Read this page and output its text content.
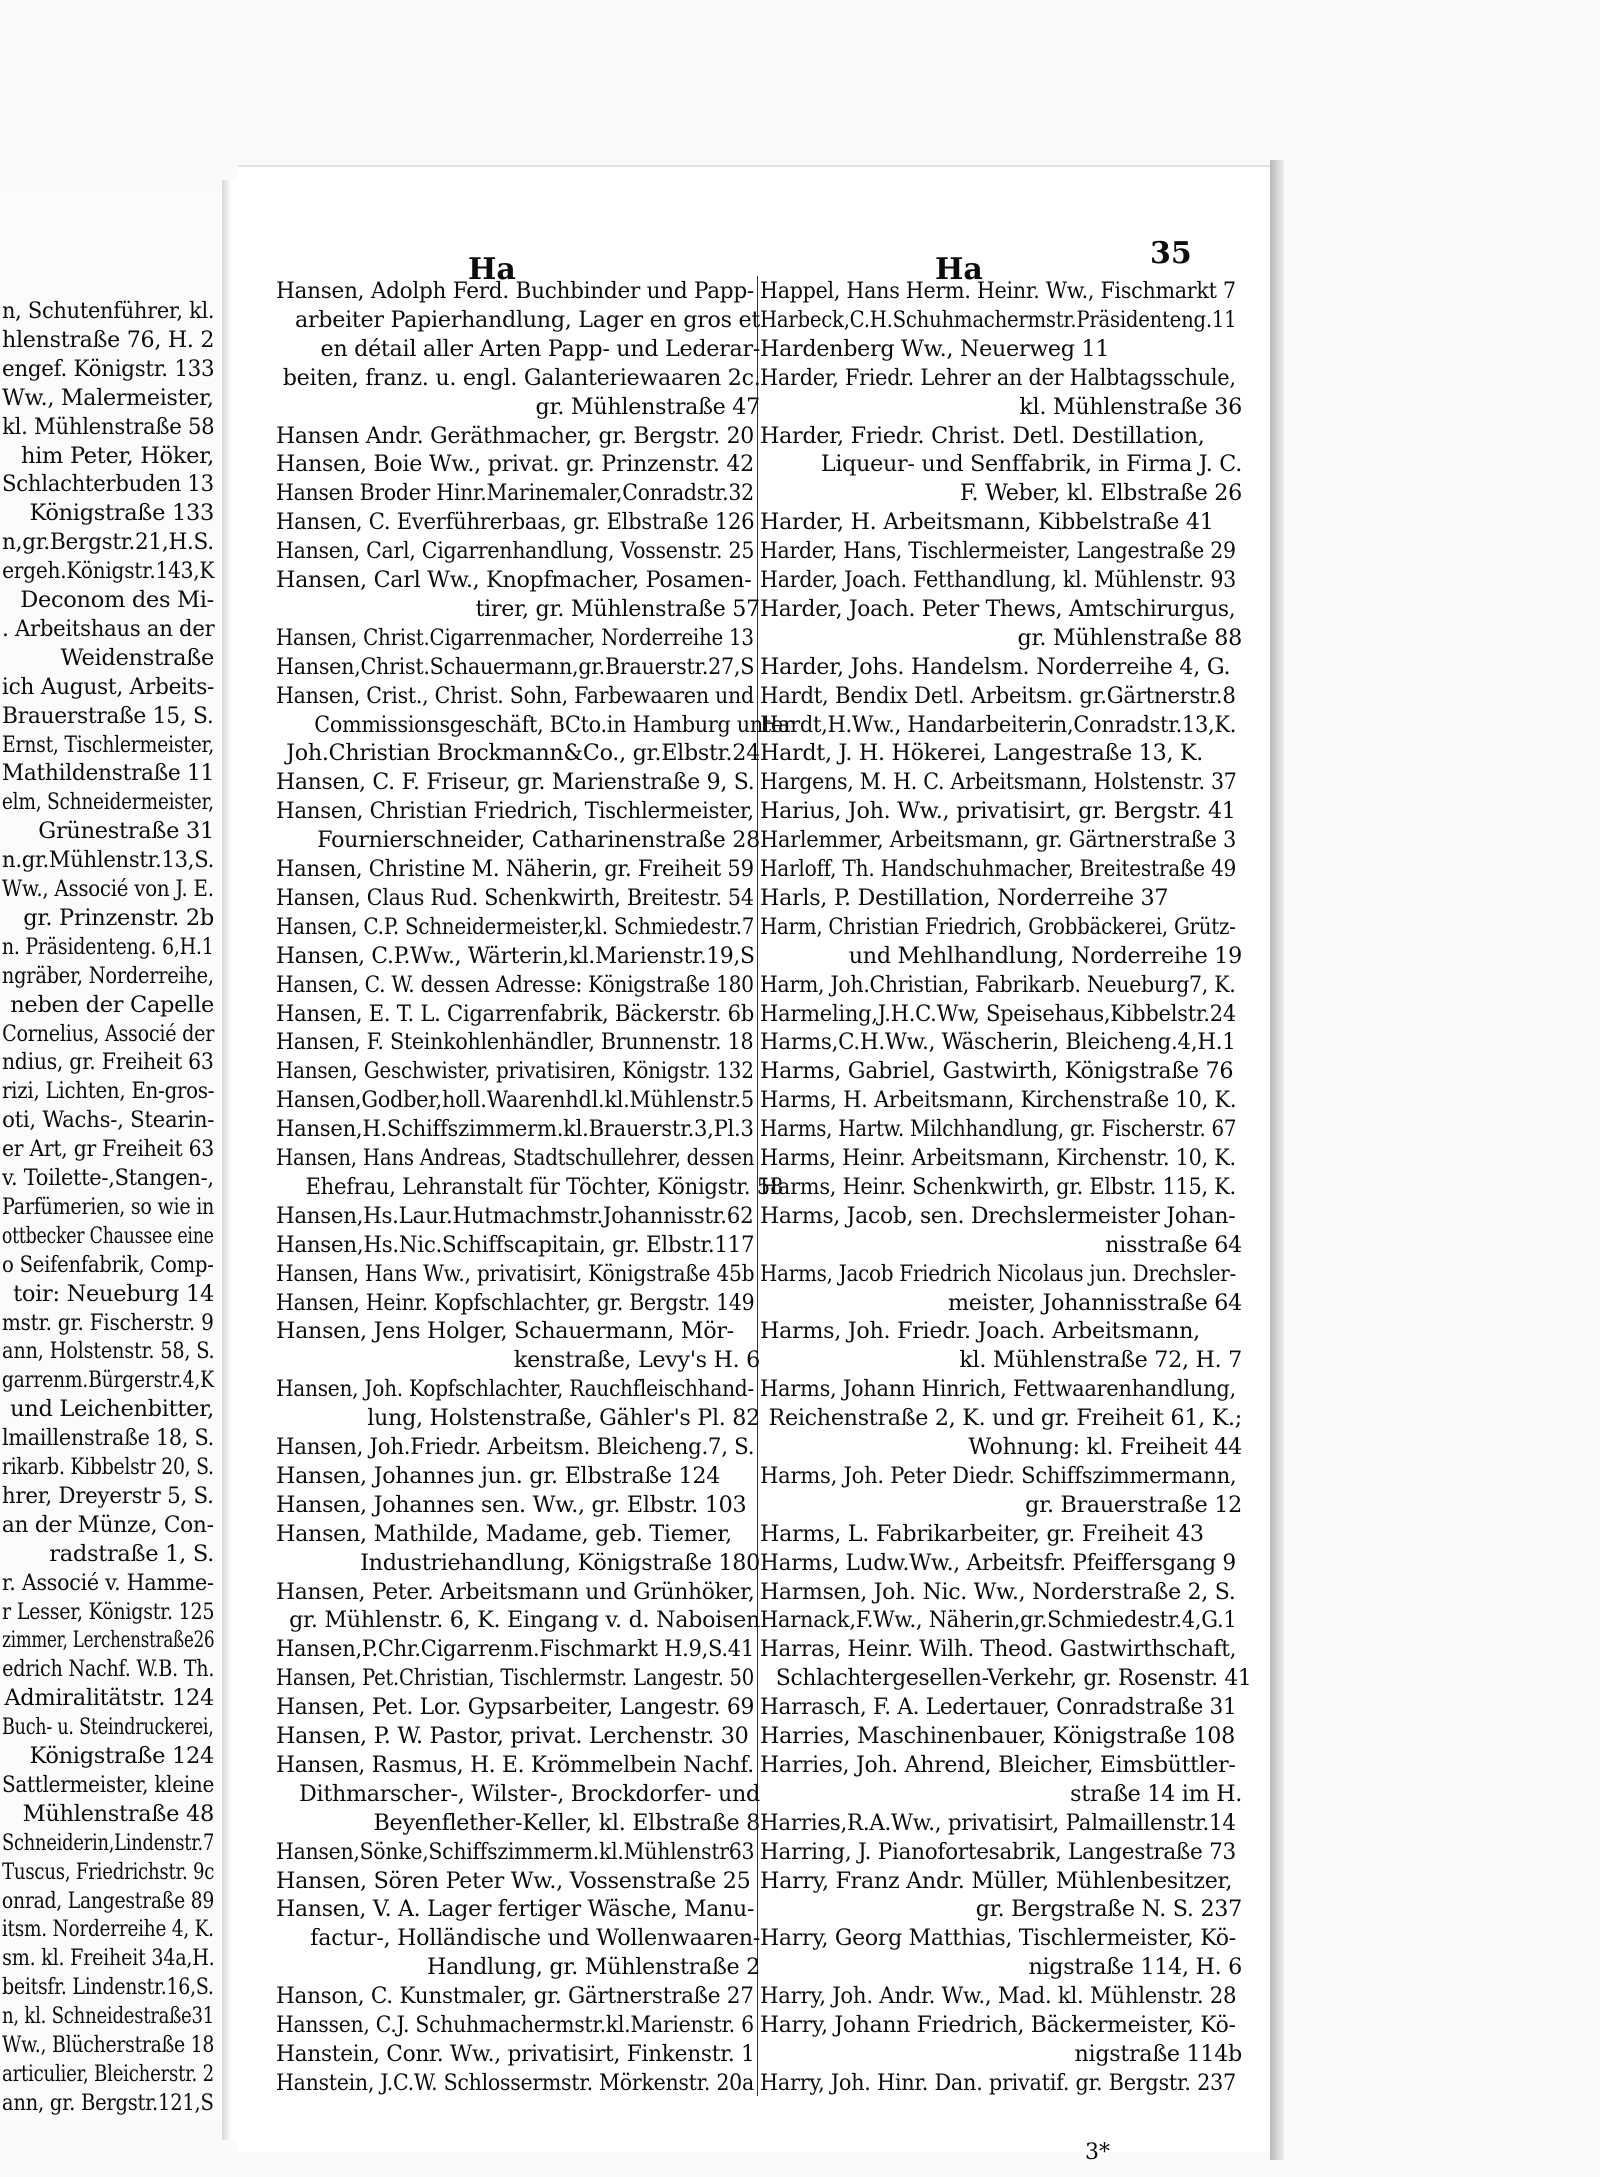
n, Schutenführer, kl.
hlenstraße 76, H. 2
engef. Königstr. 133
Ww., Malermeister,
kl. Mühlenstraße 58
him Peter, Höker,
Schlachterbuden 13
Königstraße 133
n,gr.Bergstr.21,H.S.
ergeh.Königstr.143,K
Deconom des Mi-
. Arbeitshaus an der
Weidenstraße
ich August, Arbeits-
Brauerstraße 15, S.
Ernst, Tischlermeister,
Mathildenstraße 11
elm, Schneidermeister,
Grünestraße 31
n.gr.Mühlenstr.13,S.
Ww., Associé von J. E.
gr. Prinzenstr. 2b
n. Präsidenteng. 6,H.1
ngräber, Norderreihe,
neben der Capelle
Cornelius, Associé der
ndius, gr. Freiheit 63
rizi, Lichten, En-gros-
oti, Wachs-, Stearin-
er Art, gr Freiheit 63
v. Toilette-,Stangen-,
Parfümerien, so wie in
ottbecker Chaussee eine
o Seifenfabrik, Comp-
toir: Neueburg 14
mstr. gr. Fischerstr. 9
ann, Holstenstr. 58, S.
garrenm.Bürgerstr.4,K
und Leichenbitter,
lmaillenstraße 18, S.
rikarb. Kibbelstr 20, S.
hrer, Dreyerstr 5, S.
an der Münze, Con-
radstraße 1, S.
r. Associé v. Hamme-
r Lesser, Königstr. 125
zimmer, Lerchenstraße26
edrich Nachf. W.B. Th.
Admiralitätstr. 124
Buch- u. Steindruckerei,
Königstraße 124
Sattlermeister, kleine
Mühlenstraße 48
Schneiderin,Lindenstr.7
Tuscus, Friedrichstr. 9c
onrad, Langestraße 89
itsm. Norderreihe 4, K.
sm. kl. Freiheit 34a,H.
beitsfr. Lindenstr.16,S.
n, kl. Schneidestraße31
Ww., Blücherstraße 18
articulier, Bleicherstr. 2
ann, gr. Bergstr.121,S
Ha	Ha	35
Hansen, Adolph Ferd. Buchbinder und Papp-
arbeiter Papierhandlung, Lager en gros et
en détail aller Arten Papp- und Lederar-
beiten, franz. u. engl. Galanteriewaaren 2c.
gr. Mühlenstraße 47
Hansen Andr. Geräthmacher, gr. Bergstr. 20
Hansen, Boie Ww., privat. gr. Prinzenstr. 42
Hansen Broder Hinr.Marinemaler,Conradstr.32
Hansen, C. Everführerbaas, gr. Elbstraße 126
Hansen, Carl, Cigarrenhandlung, Vossenstr. 25
Hansen, Carl Ww., Knopfmacher, Posamen-
tirer, gr. Mühlenstraße 57
Hansen, Christ.Cigarrenmacher, Norderreihe 13
Hansen,Christ.Schauermann,gr.Brauerstr.27,S
Hansen, Crist., Christ. Sohn, Farbewaaren und
Commissionsgeschäft, BCto.in Hamburg unter
Joh.Christian Brockmann&Co., gr.Elbstr.24
Hansen, C. F. Friseur, gr. Marienstraße 9, S.
Hansen, Christian Friedrich, Tischlermeister,
Fournierschneider, Catharinenstraße 28
Hansen, Christine M. Näherin, gr. Freiheit 59
Hansen, Claus Rud. Schenkwirth, Breitestr. 54
Hansen, C.P. Schneidermeister,kl. Schmiedestr.7
Hansen, C.P.Ww., Wärterin,kl.Marienstr.19,S
Hansen, C. W. dessen Adresse: Königstraße 180
Hansen, E. T. L. Cigarrenfabrik, Bäckerstr. 6b
Hansen, F. Steinkohlenhändler, Brunnenstr. 18
Hansen, Geschwister, privatisiren, Königstr. 132
Hansen,Godber,holl.Waarenhdl.kl.Mühlenstr.5
Hansen,H.Schiffszimmerm.kl.Brauerstr.3,Pl.3
Hansen, Hans Andreas, Stadtschullehrer, dessen
Ehefrau, Lehranstalt für Töchter, Königstr. 58
Hansen,Hs.Laur.Hutmachmstr.Johannisstr.62
Hansen,Hs.Nic.Schiffscapitain, gr. Elbstr.117
Hansen, Hans Ww., privatisirt, Königstraße 45b
Hansen, Heinr. Kopfschlachter, gr. Bergstr. 149
Hansen, Jens Holger, Schauermann, Mör-
kenstraße, Levy's H. 6
Hansen, Joh. Kopfschlachter, Rauchfleischhand-
lung, Holstenstraße, Gähler's Pl. 82
Hansen, Joh.Friedr. Arbeitsm. Bleicheng.7, S.
Hansen, Johannes jun. gr. Elbstraße 124
Hansen, Johannes sen. Ww., gr. Elbstr. 103
Hansen, Mathilde, Madame, geb. Tiemer,
Industriehandlung, Königstraße 180
Hansen, Peter. Arbeitsmann und Grünhöker,
gr. Mühlenstr. 6, K. Eingang v. d. Naboisen
Hansen,P.Chr.Cigarrenm.Fischmarkt H.9,S.41
Hansen, Pet.Christian, Tischlermstr. Langestr. 50
Hansen, Pet. Lor. Gypsarbeiter, Langestr. 69
Hansen, P. W. Pastor, privat. Lerchenstr. 30
Hansen, Rasmus, H. E. Krömmelbein Nachf.
Dithmarscher-, Wilster-, Brockdorfer- und
Beyenflether-Keller, kl. Elbstraße 8
Hansen,Sönke,Schiffszimmerm.kl.Mühlenstr63
Hansen, Sören Peter Ww., Vossenstraße 25
Hansen, V. A. Lager fertiger Wäsche, Manu-
factur-, Holländische und Wollenwaaren-
Handlung, gr. Mühlenstraße 2
Hanson, C. Kunstmaler, gr. Gärtnerstraße 27
Hanssen, C.J. Schuhmachermstr.kl.Marienstr. 6
Hanstein, Conr. Ww., privatisirt, Finkenstr. 1
Hanstein, J.C.W. Schlossermstr. Mörkenstr. 20a
Happel, Hans Herm. Heinr. Ww., Fischmarkt 7
Harbeck,C.H.Schuhmachermstr.Präsidenteng.11
Hardenberg Ww., Neuerweg 11
Harder, Friedr. Lehrer an der Halbtagsschule,
kl. Mühlenstraße 36
Harder, Friedr. Christ. Detl. Destillation,
Liqueur- und Senffabrik, in Firma J. C.
F. Weber, kl. Elbstraße 26
Harder, H. Arbeitsmann, Kibbelstraße 41
Harder, Hans, Tischlermeister, Langestraße 29
Harder, Joach. Fetthandlung, kl. Mühlenstr. 93
Harder, Joach. Peter Thews, Amtschirurgus,
gr. Mühlenstraße 88
Harder, Johs. Handelsm. Norderreihe 4, G.
Hardt, Bendix Detl. Arbeitsm. gr.Gärtnerstr.8
Hardt,H.Ww., Handarbeiterin,Conradstr.13,K.
Hardt, J. H. Hökerei, Langestraße 13, K.
Hargens, M. H. C. Arbeitsmann, Holstenstr. 37
Harius, Joh. Ww., privatisirt, gr. Bergstr. 41
Harlemmer, Arbeitsmann, gr. Gärtnerstraße 3
Harloff, Th. Handschuhmacher, Breitestraße 49
Harls, P. Destillation, Norderreihe 37
Harm, Christian Friedrich, Grobbäckerei, Grütz-
und Mehlhandlung, Norderreihe 19
Harm, Joh.Christian, Fabrikarb. Neueburg7, K.
Harmeling,J.H.C.Ww, Speisehaus,Kibbelstr.24
Harms,C.H.Ww., Wäscherin, Bleicheng.4,H.1
Harms, Gabriel, Gastwirth, Königstraße 76
Harms, H. Arbeitsmann, Kirchenstraße 10, K.
Harms, Hartw. Milchhandlung, gr. Fischerstr. 67
Harms, Heinr. Arbeitsmann, Kirchenstr. 10, K.
Harms, Heinr. Schenkwirth, gr. Elbstr. 115, K.
Harms, Jacob, sen. Drechslermeister Johan-
nisstraße 64
Harms, Jacob Friedrich Nicolaus jun. Drechsler-
meister, Johannisstraße 64
Harms, Joh. Friedr. Joach. Arbeitsmann,
kl. Mühlenstraße 72, H. 7
Harms, Johann Hinrich, Fettwaarenhandlung,
Reichenstraße 2, K. und gr. Freiheit 61, K.;
Wohnung: kl. Freiheit 44
Harms, Joh. Peter Diedr. Schiffszimmermann,
gr. Brauerstraße 12
Harms, L. Fabrikarbeiter, gr. Freiheit 43
Harms, Ludw.Ww., Arbeitsfr. Pfeiffersgang 9
Harmsen, Joh. Nic. Ww., Norderstraße 2, S.
Harnack,F.Ww., Näherin,gr.Schmiedestr.4,G.1
Harras, Heinr. Wilh. Theod. Gastwirthschaft,
Schlachtergesellen-Verkehr, gr. Rosenstr. 41
Harrasch, F. A. Ledertauer, Conradstraße 31
Harries, Maschinenbauer, Königstraße 108
Harries, Joh. Ahrend, Bleicher, Eimsbüttler-
straße 14 im H.
Harries,R.A.Ww., privatisirt, Palmaillenstr.14
Harring, J. Pianofortesabrik, Langestraße 73
Harry, Franz Andr. Müller, Mühlenbesitzer,
gr. Bergstraße N. S. 237
Harry, Georg Matthias, Tischlermeister, Kö-
nigstraße 114, H. 6
Harry, Joh. Andr. Ww., Mad. kl. Mühlenstr. 28
Harry, Johann Friedrich, Bäckermeister, Kö-
nigstraße 114b
Harry, Joh. Hinr. Dan. privatif. gr. Bergstr. 237
3*
